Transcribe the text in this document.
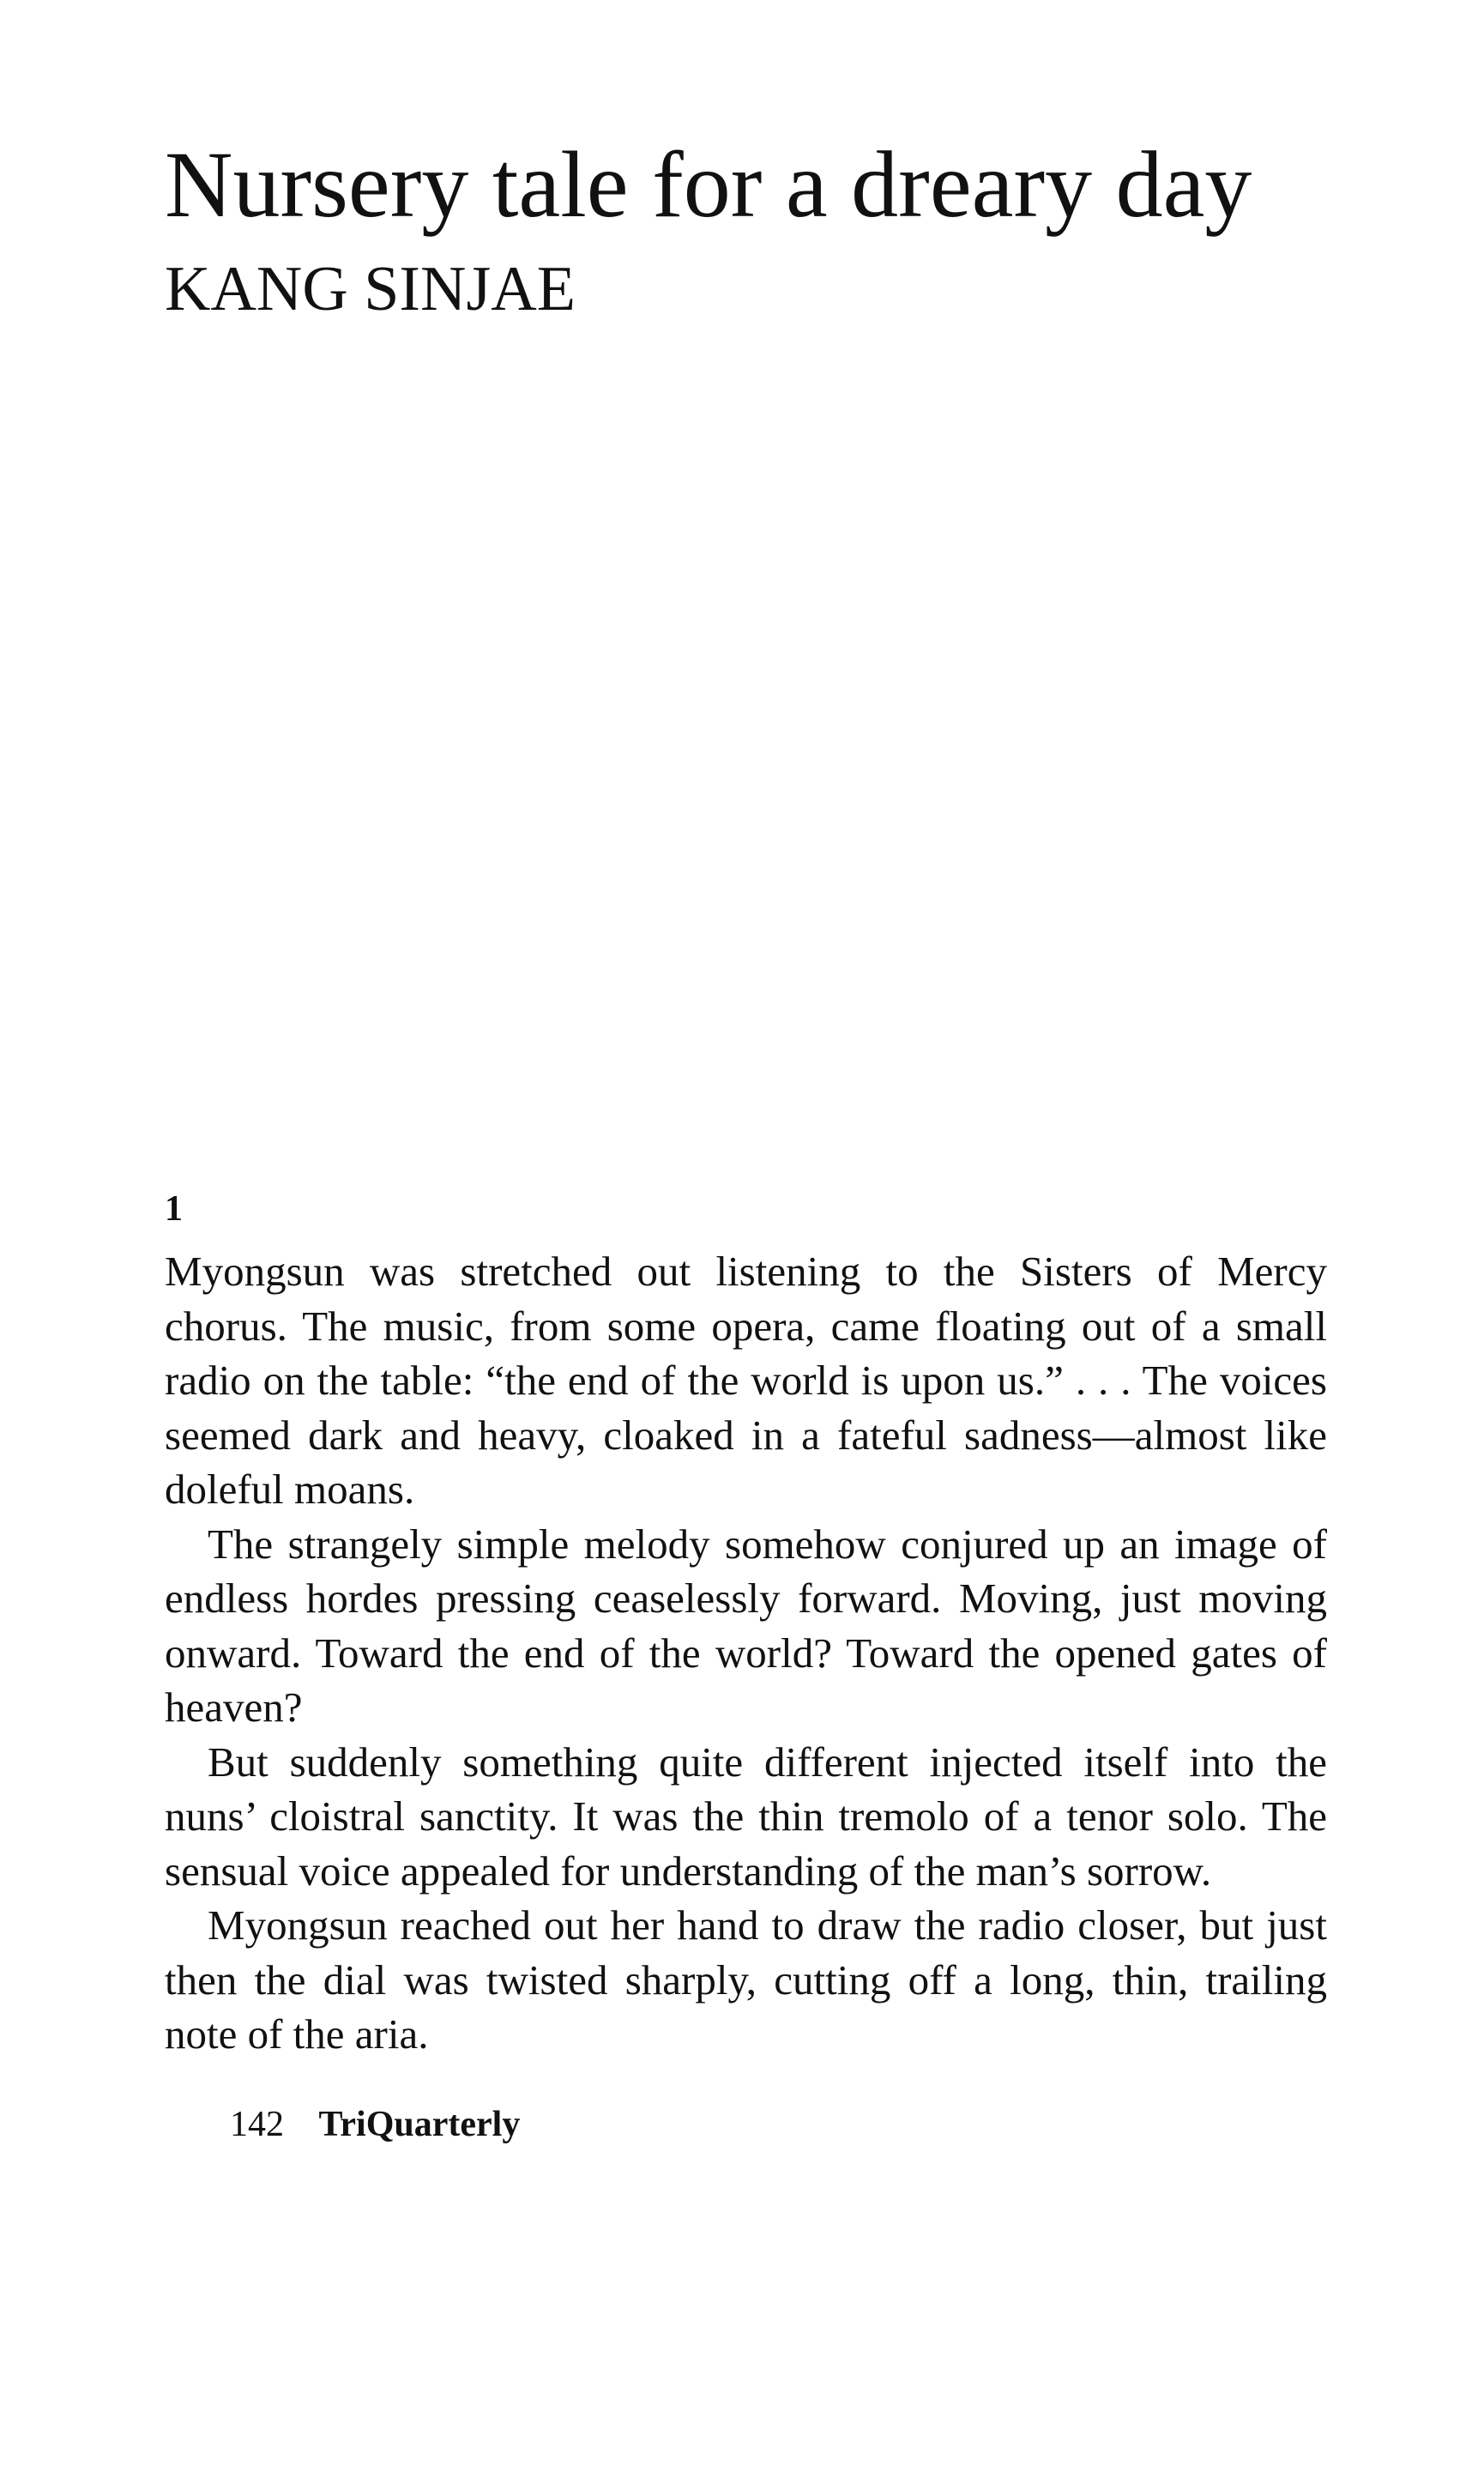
Nursery tale for a dreary day
KANG SINJAE
1

Myongsun was stretched out listening to the Sisters of Mercy chorus. The music, from some opera, came floating out of a small radio on the table: “the end of the world is upon us.” . . . The voices seemed dark and heavy, cloaked in a fateful sadness—almost like doleful moans.

The strangely simple melody somehow conjured up an image of endless hordes pressing ceaselessly forward. Moving, just moving onward. Toward the end of the world? Toward the opened gates of heaven?

But suddenly something quite different injected itself into the nuns’ cloistral sanctity. It was the thin tremolo of a tenor solo. The sensual voice appealed for understanding of the man’s sorrow.

Myongsun reached out her hand to draw the radio closer, but just then the dial was twisted sharply, cutting off a long, thin, trailing note of the aria.

142 TriQuarterly
